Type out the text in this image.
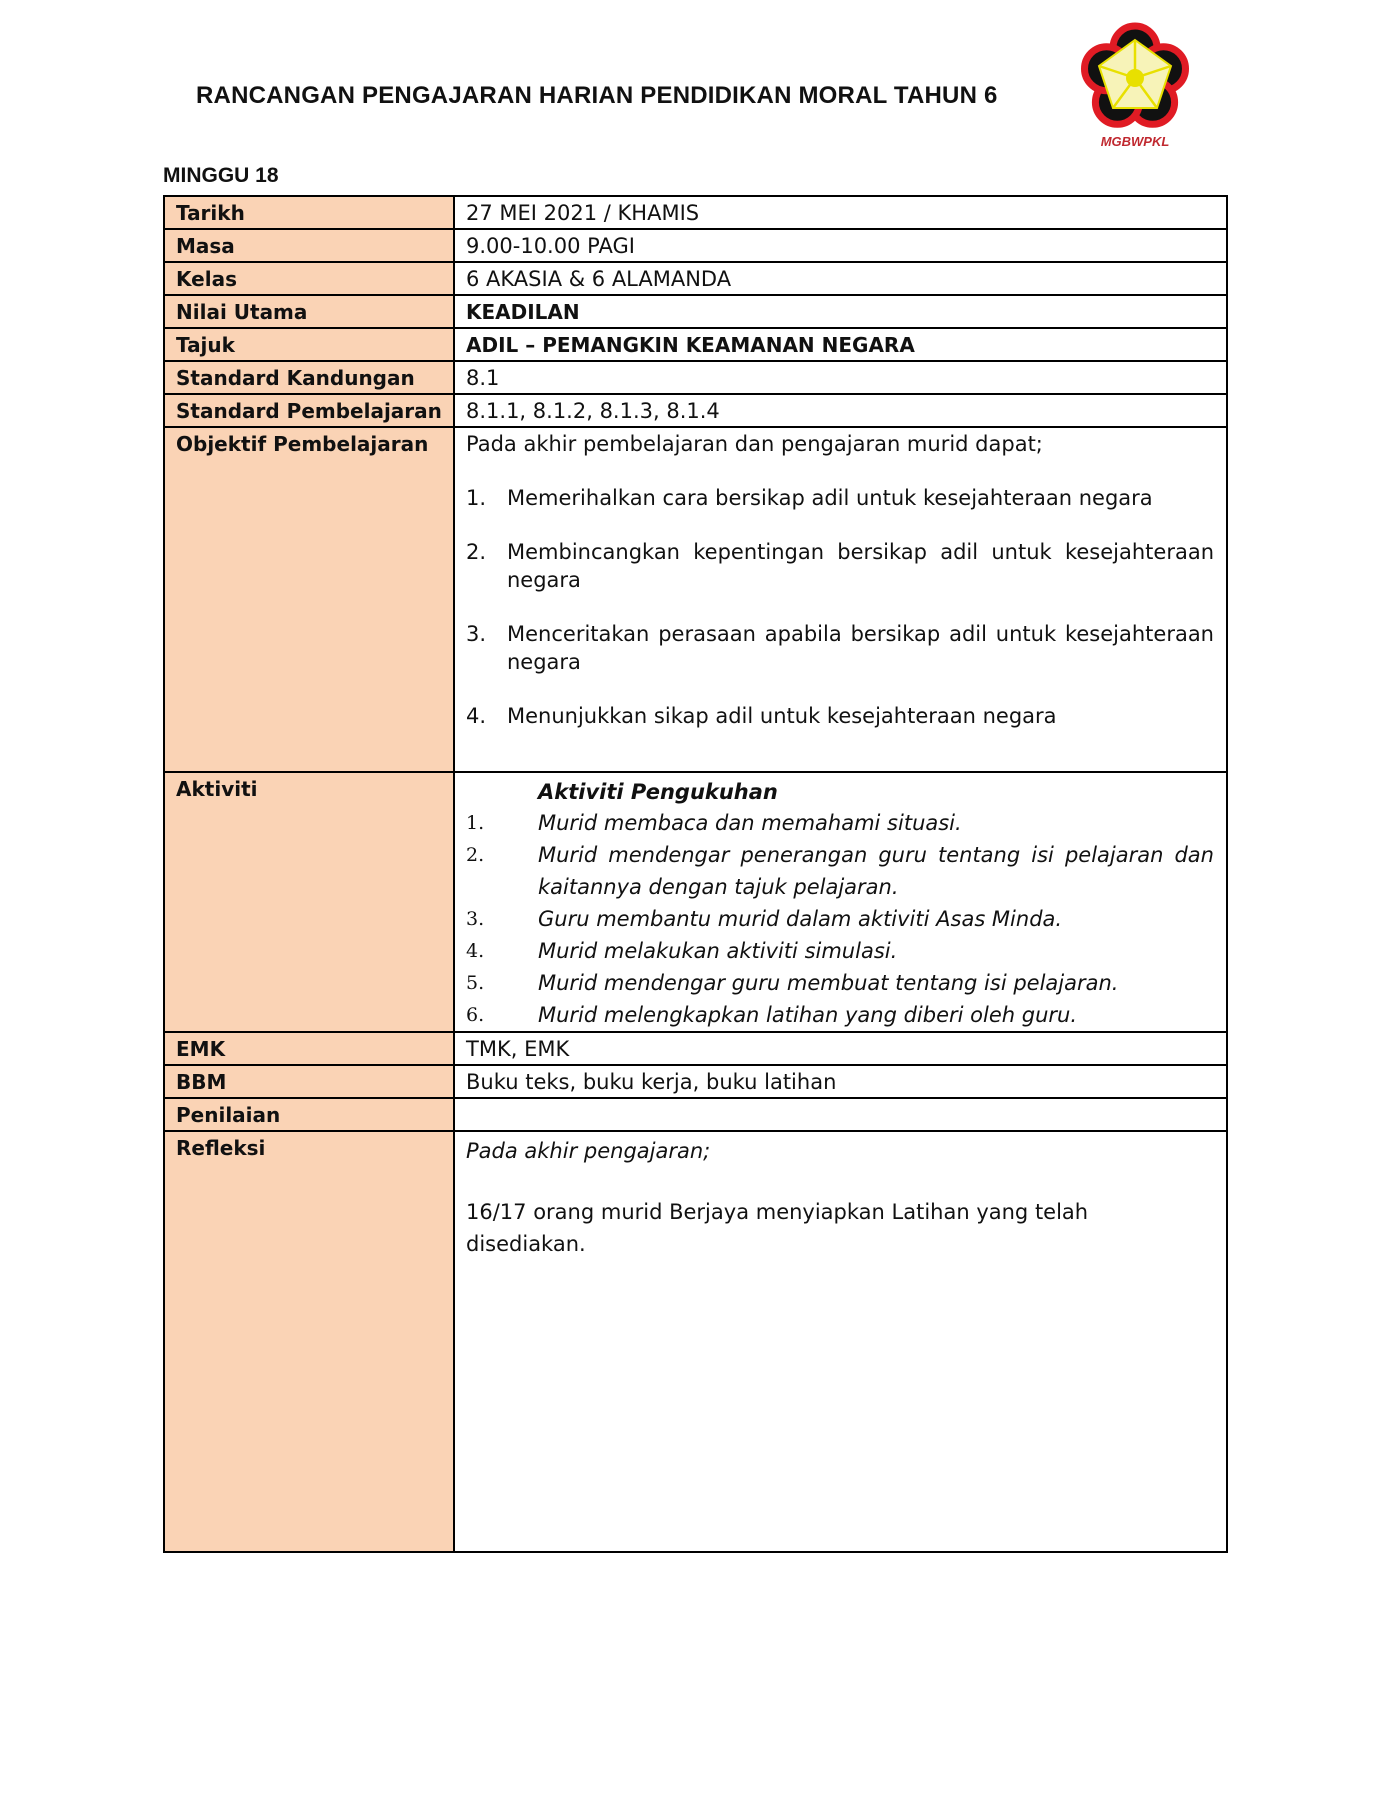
RANCANGAN PENGAJARAN HARIAN PENDIDIKAN MORAL TAHUN 6
MGBWPKL
MINGGU 18
Tarikh	27 MEI 2021 / KHAMIS
Masa	9.00-10.00 PAGI
Kelas	6 AKASIA & 6 ALAMANDA
Nilai Utama	KEADILAN
Tajuk	ADIL – PEMANGKIN KEAMANAN NEGARA
Standard Kandungan	8.1
Standard Pembelajaran	8.1.1, 8.1.2, 8.1.3, 8.1.4
Objektif Pembelajaran	Pada akhir pembelajaran dan pengajaran murid dapat;

1. Memerihalkan cara bersikap adil untuk kesejahteraan negara
2. Membincangkan kepentingan bersikap adil untuk kesejahteraan negara
3. Menceritakan perasaan apabila bersikap adil untuk kesejahteraan negara
4. Menunjukkan sikap adil untuk kesejahteraan negara

Aktiviti	Aktiviti Pengukuhan
1.	Murid membaca dan memahami situasi.
2.	Murid mendengar penerangan guru tentang isi pelajaran dan kaitannya dengan tajuk pelajaran.
3.	Guru membantu murid dalam aktiviti Asas Minda.
4.	Murid melakukan aktiviti simulasi.
5.	Murid mendengar guru membuat tentang isi pelajaran.
6.	Murid melengkapkan latihan yang diberi oleh guru.

EMK	TMK, EMK
BBM	Buku teks, buku kerja, buku latihan
Penilaian	
Refleksi	Pada akhir pengajaran;

16/17 orang murid Berjaya menyiapkan Latihan yang telah disediakan.
